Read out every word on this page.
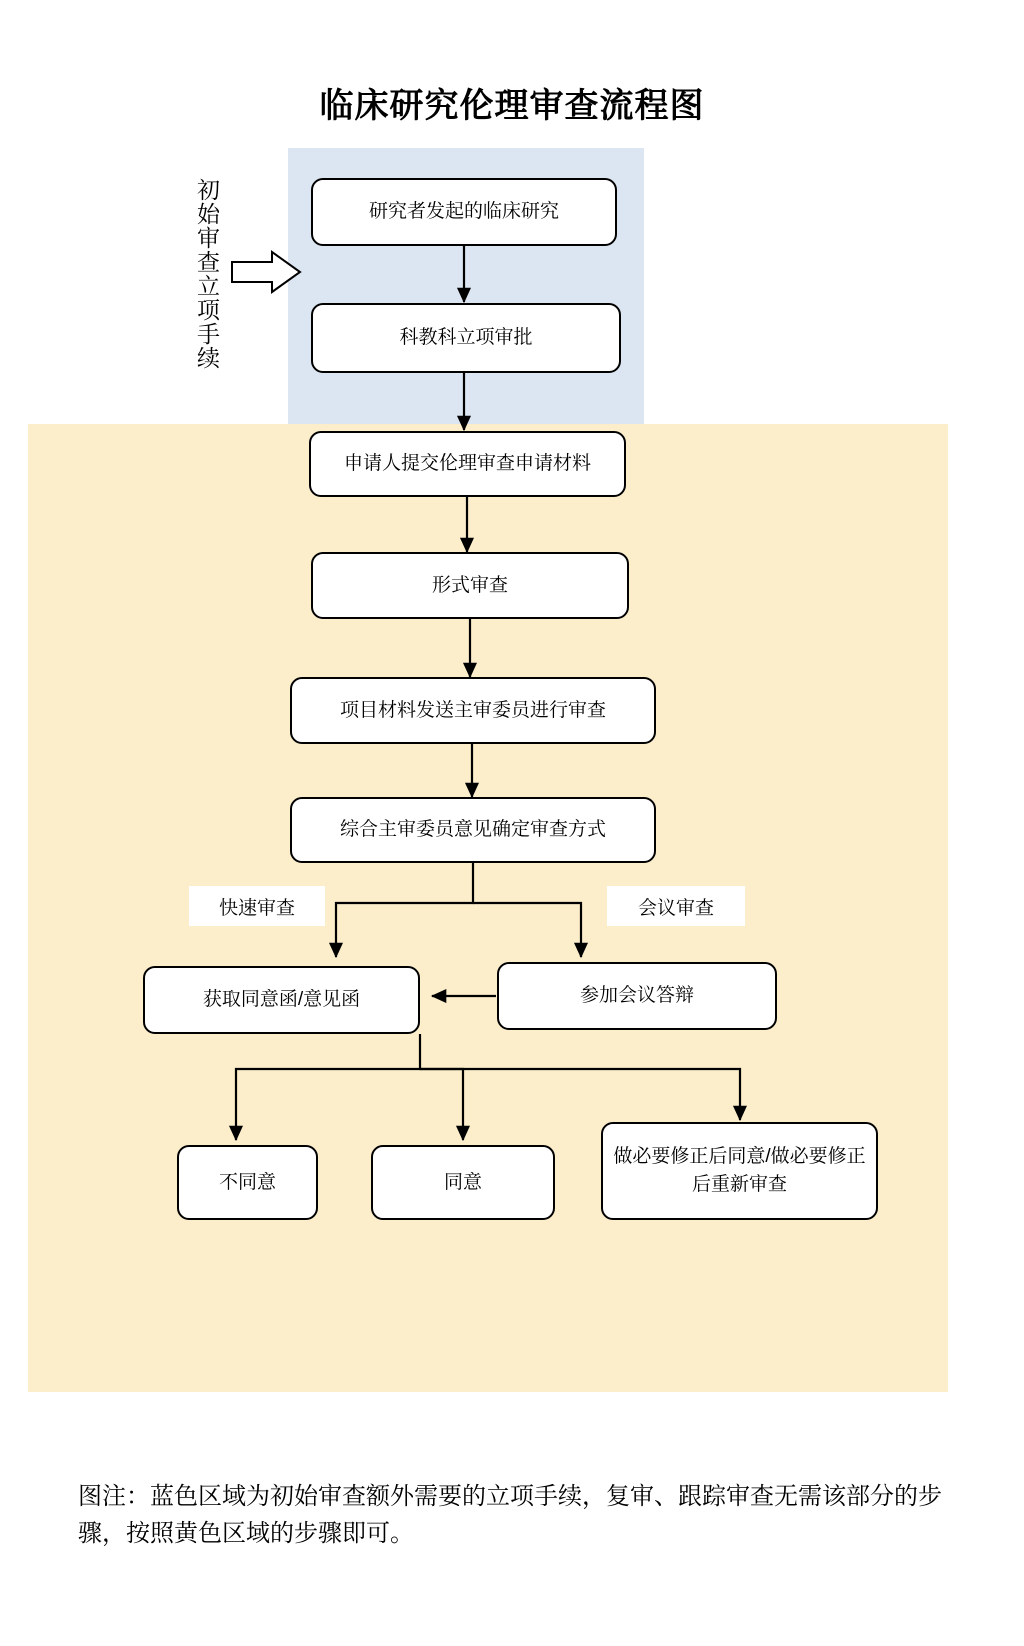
临床研究伦理审查流程图
初始审查立项手续	研究者发起的临床研究
科教科立项审批
申请人提交伦理审查申请材料
形式审查
项目材料发送主审委员进行审查
综合主审委员意见确定审查方式
快速审查	会议审查
获取同意函/意见函	参加会议答辩
不同意	同意
做必要修正后同意/做必要修正后重新审查
图注：蓝色区域为初始审查额外需要的立项手续，复审、跟踪审查无需该部分的步骤，按照黄色区域的步骤即可。
